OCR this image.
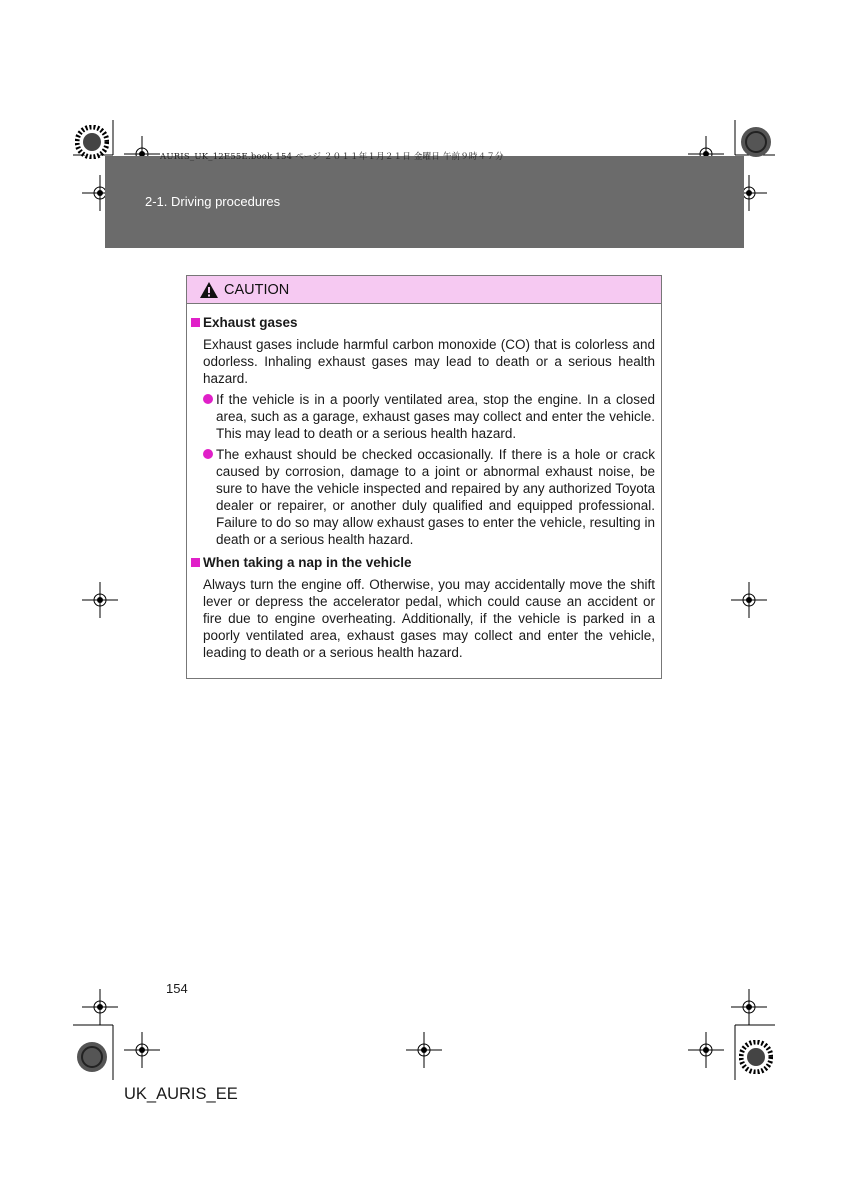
AURIS_UK_12E55E.book 154 ページ ２０１１年１月２１日 金曜日 午前９時４７分
2-1. Driving procedures
CAUTION
Exhaust gases

Exhaust gases include harmful carbon monoxide (CO) that is colorless and odorless. Inhaling exhaust gases may lead to death or a serious health hazard.

If the vehicle is in a poorly ventilated area, stop the engine. In a closed area, such as a garage, exhaust gases may collect and enter the vehicle. This may lead to death or a serious health hazard.
The exhaust should be checked occasionally. If there is a hole or crack caused by corrosion, damage to a joint or abnormal exhaust noise, be sure to have the vehicle inspected and repaired by any authorized Toyota dealer or repairer, or another duly qualified and equipped professional. Failure to do so may allow exhaust gases to enter the vehicle, resulting in death or a serious health hazard.
When taking a nap in the vehicle

Always turn the engine off. Otherwise, you may accidentally move the shift lever or depress the accelerator pedal, which could cause an accident or fire due to engine overheating. Additionally, if the vehicle is parked in a poorly ventilated area, exhaust gases may collect and enter the vehicle, leading to death or a serious health hazard.

154
UK_AURIS_EE
